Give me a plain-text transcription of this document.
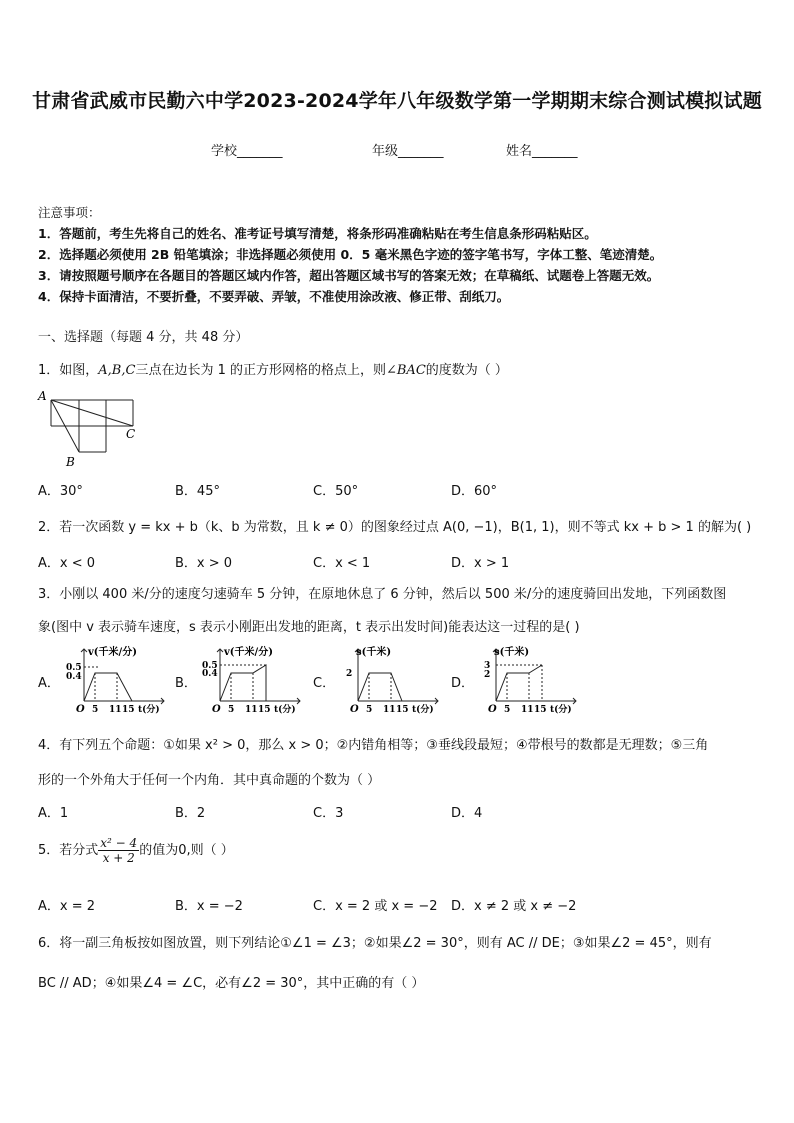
甘肃省武威市民勤六中学2023-2024学年八年级数学第一学期期末综合测试模拟试题
学校_______	年级_______	姓名_______
注意事项：
1．答题前，考生先将自己的姓名、准考证号填写清楚，将条形码准确粘贴在考生信息条形码粘贴区。
2．选择题必须使用 2B 铅笔填涂；非选择题必须使用 0．5 毫米黑色字迹的签字笔书写，字体工整、笔迹清楚。
3．请按照题号顺序在各题目的答题区域内作答，超出答题区域书写的答案无效；在草稿纸、试题卷上答题无效。
4．保持卡面清洁，不要折叠，不要弄破、弄皱，不准使用涂改液、修正带、刮纸刀。
一、选择题（每题 4 分，共 48 分）
1．如图，A,B,C三点在边长为 1 的正方形网格的格点上，则∠BAC的度数为（ ）
A
B
C
A．30°	B．45°	C．50°	D．60°
2．若一次函数 y = kx + b（k、b 为常数，且 k ≠ 0）的图象经过点 A(0, −1)，B(1, 1)，则不等式 kx + b > 1 的解为( )
A．x < 0	B．x > 0	C．x < 1	D．x > 1
3．小刚以 400 米/分的速度匀速骑车 5 分钟，在原地休息了 6 分钟，然后以 500 米/分的速度骑回出发地，下列函数图
象(图中 v 表示骑车速度，s 表示小刚距出发地的距离，t 表示出发时间)能表达这一过程的是( )
A．	B．	C．	D．
v(千米/分)
0.5
0.4
O 5 11 15 t(分)
v(千米/分)
0.5
0.4
O 5 11 15 t(分)
s(千米)
2
O 5 11 15 t(分)
s(千米)
3
2
O 5 11 15 t(分)
4．有下列五个命题：①如果 x² > 0，那么 x > 0；②内错角相等；③垂线段最短；④带根号的数都是无理数；⑤三角
形的一个外角大于任何一个内角．其中真命题的个数为（ ）
A．1	B．2	C．3	D．4
5．若分式 $\frac{\text{x² − 4}}{x + 2}$ 的值为0,则（ ）
A．x = 2	B．x = −2	C．x = 2 或 x = −2 D．x ≠ 2 或 x ≠ −2
6．将一副三角板按如图放置，则下列结论①∠1 = ∠3；②如果∠2 = 30°，则有 AC // DE；③如果∠2 = 45°，则有
BC // AD；④如果∠4 = ∠C，必有∠2 = 30°，其中正确的有（ ）
